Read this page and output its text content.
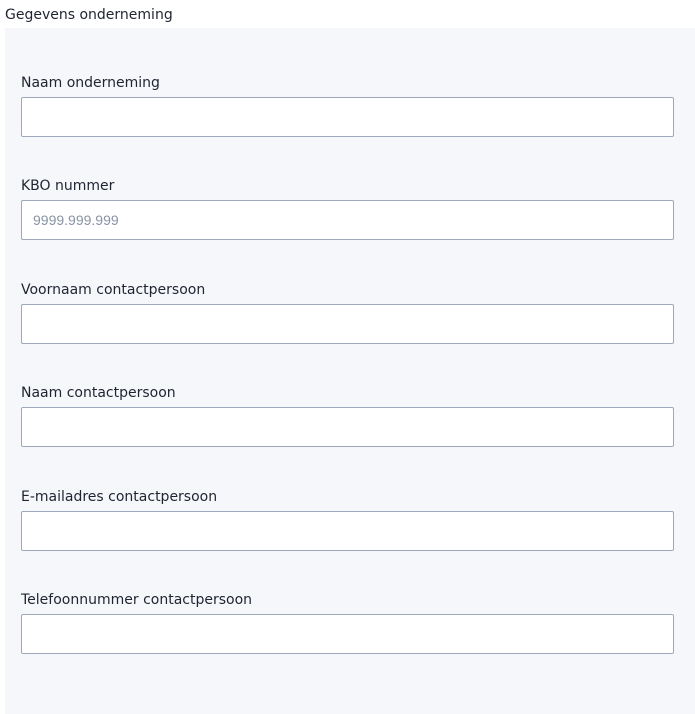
Gegevens onderneming
Naam onderneming
KBO nummer
9999.999.999
Voornaam contactpersoon
Naam contactpersoon
E-mailadres contactpersoon
Telefoonnummer contactpersoon
